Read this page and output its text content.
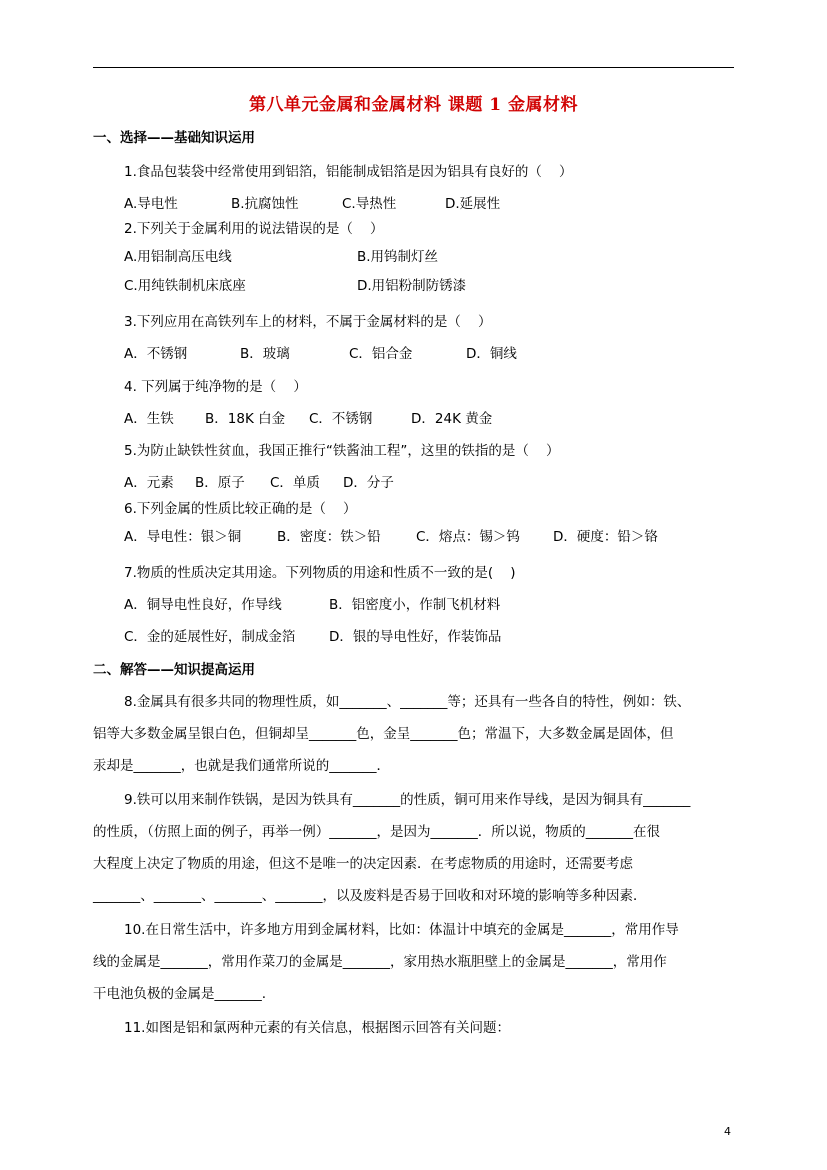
第八单元金属和金属材料 课题 1 金属材料
一、选择——基础知识运用
1.食品包装袋中经常使用到铝箔，铝能制成铝箔是因为铝具有良好的（    ）
A.导电性	B.抗腐蚀性	C.导热性	D.延展性
2.下列关于金属利用的说法错误的是（    ）
A.用铝制高压电线	B.用钨制灯丝
C.用纯铁制机床底座	D.用铝粉制防锈漆
3.下列应用在高铁列车上的材料，不属于金属材料的是（    ）
A．不锈钢	B．玻璃	C．铝合金	D．铜线
4. 下列属于纯净物的是（    ）
A．生铁 B．18K 白金 C．不锈钢	D．24K 黄金
5.为防止缺铁性贫血，我国正推行“铁酱油工程”，这里的铁指的是（    ）
A．元素 B．原子 C．单质 D．分子
6.下列金属的性质比较正确的是（    ）
A．导电性：银＞铜	B．密度：铁＞铅	C．熔点：锡＞钨 D．硬度：铅＞铬
7.物质的性质决定其用途。下列物质的用途和性质不一致的是(    )
A．铜导电性良好，作导线	B．铝密度小，作制飞机材料
C．金的延展性好，制成金箔 D．银的导电性好，作装饰品
二、解答——知识提高运用
8.金属具有很多共同的物理性质，如_______、_______等；还具有一些各自的特性，例如：铁、
铝等大多数金属呈银白色，但铜却呈_______色，金呈_______色；常温下，大多数金属是固体，但
汞却是_______，也就是我们通常所说的_______．
9.铁可以用来制作铁锅，是因为铁具有_______的性质，铜可用来作导线，是因为铜具有_______
的性质，（仿照上面的例子，再举一例）_______，是因为_______．所以说，物质的_______在很
大程度上决定了物质的用途，但这不是唯一的决定因素．在考虑物质的用途时，还需要考虑
_______、_______、_______、_______，以及废料是否易于回收和对环境的影响等多种因素．
10.在日常生活中，许多地方用到金属材料，比如：体温计中填充的金属是_______，常用作导
线的金属是_______，常用作菜刀的金属是_______，家用热水瓶胆壁上的金属是_______，常用作
干电池负极的金属是_______.
11.如图是铝和氯两种元素的有关信息，根据图示回答有关问题：
4
